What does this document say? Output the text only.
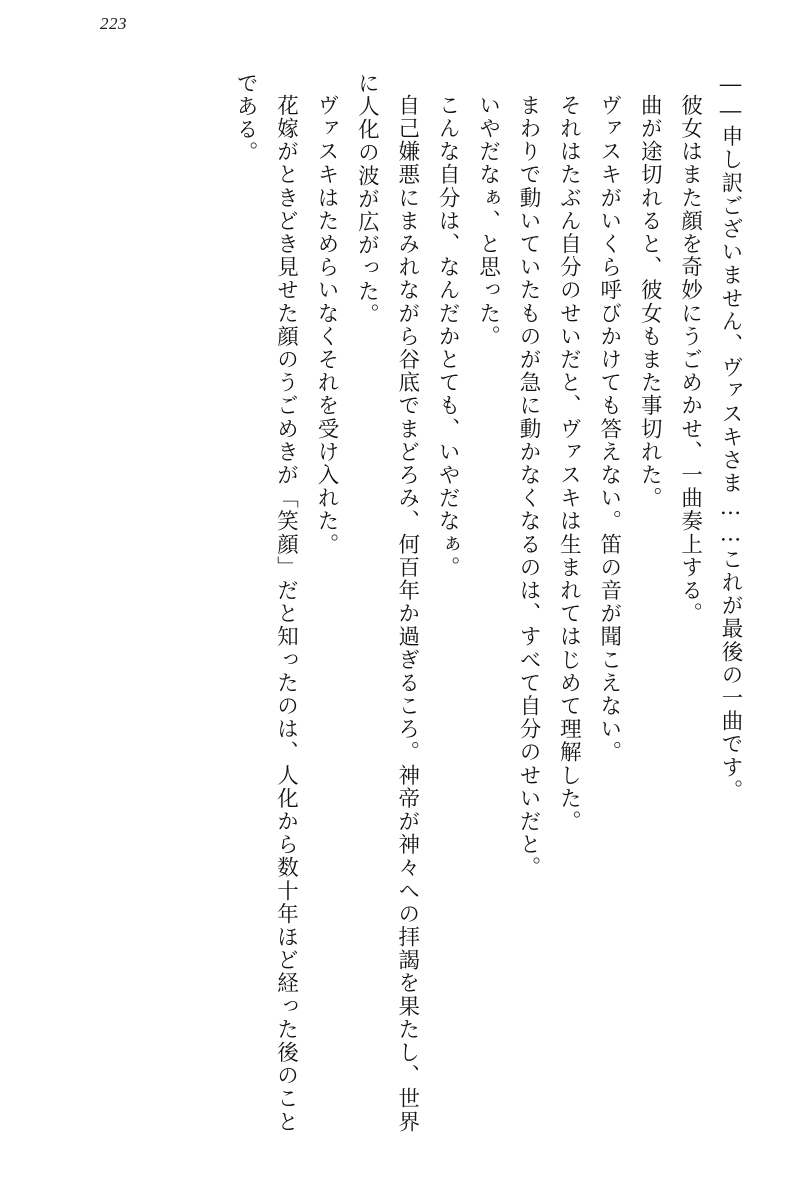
223

――申し訳ございません、ヴァスキさま……これが最後の一曲です。

彼女はまた顔を奇妙にうごめかせ、一曲奏上する。

曲が途切れると、彼女もまた事切れた。

ヴァスキがいくら呼びかけても答えない。笛の音が聞こえない。

それはたぶん自分のせいだと、ヴァスキは生まれてはじめて理解した。

まわりで動いていたものが急に動かなくなるのは、すべて自分のせいだと。

いやだなぁ、と思った。

こんな自分は、なんだかとても、いやだなぁ。

自己嫌悪にまみれながら谷底でまどろみ、何百年か過ぎるころ。神帝が神々への拝謁を果たし、世界に人化の波が広がった。

ヴァスキはためらいなくそれを受け入れた。

花嫁がときどき見せた顔のうごめきが「笑顔」だと知ったのは、人化から数十年ほど経った後のことである。
